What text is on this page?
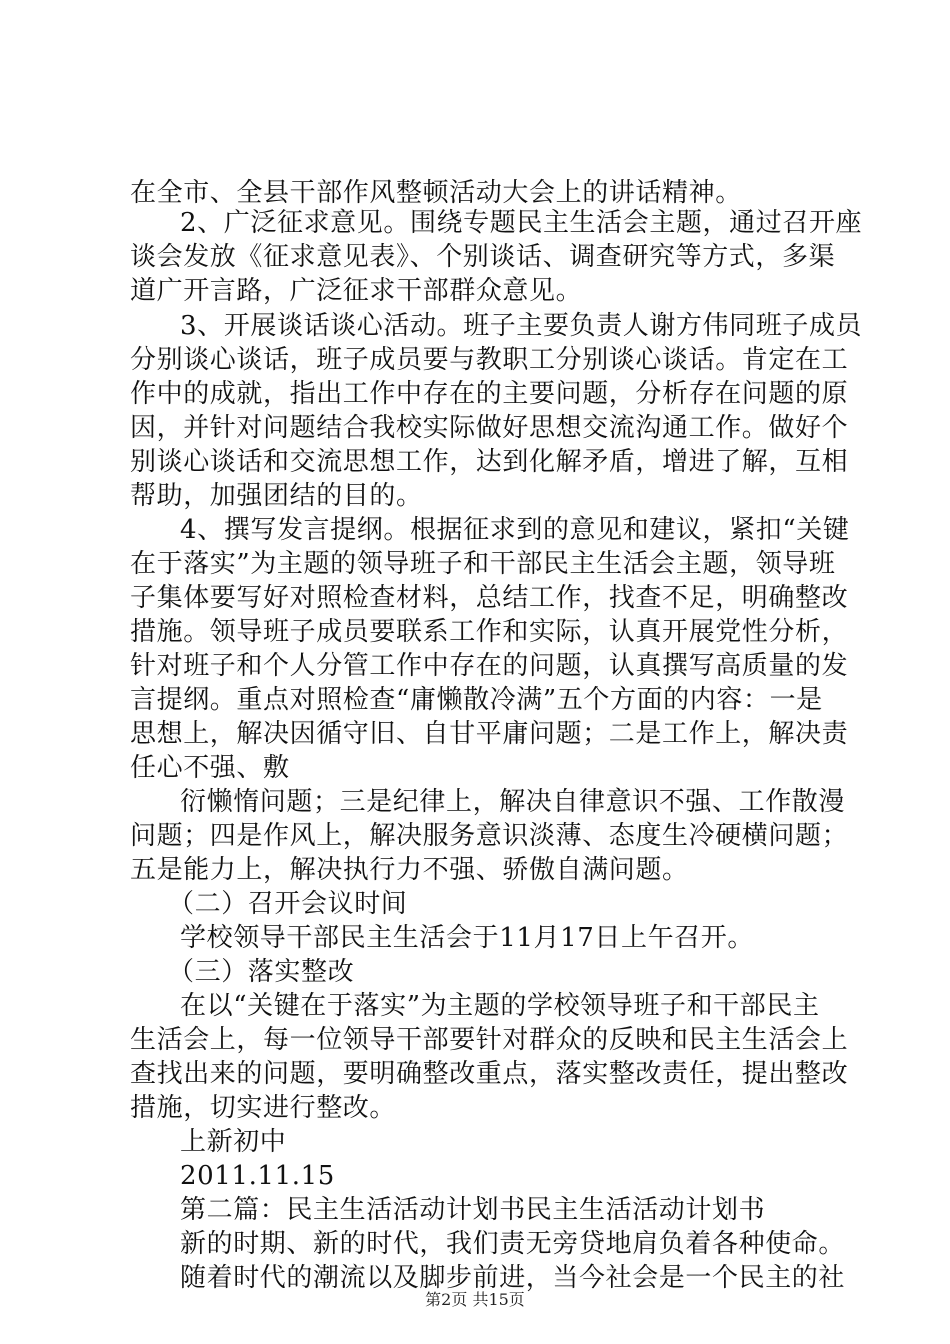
在全市、全县干部作风整顿活动大会上的讲话精神。
2、广泛征求意见。围绕专题民主生活会主题，通过召开座
谈会发放《征求意见表》、个别谈话、调查研究等方式，多渠
道广开言路，广泛征求干部群众意见。
3、开展谈话谈心活动。班子主要负责人谢方伟同班子成员
分别谈心谈话，班子成员要与教职工分别谈心谈话。肯定在工
作中的成就，指出工作中存在的主要问题，分析存在问题的原
因，并针对问题结合我校实际做好思想交流沟通工作。做好个
别谈心谈话和交流思想工作，达到化解矛盾，增进了解，互相
帮助，加强团结的目的。
4、撰写发言提纲。根据征求到的意见和建议，紧扣“关键
在于落实”为主题的领导班子和干部民主生活会主题，领导班
子集体要写好对照检查材料，总结工作，找查不足，明确整改
措施。领导班子成员要联系工作和实际，认真开展党性分析，
针对班子和个人分管工作中存在的问题，认真撰写高质量的发
言提纲。重点对照检查“庸懒散冷满”五个方面的内容：一是
思想上，解决因循守旧、自甘平庸问题；二是工作上，解决责
任心不强、敷
衍懒惰问题；三是纪律上，解决自律意识不强、工作散漫
问题；四是作风上，解决服务意识淡薄、态度生冷硬横问题；
五是能力上，解决执行力不强、骄傲自满问题。
（二）召开会议时间
学校领导干部民主生活会于11月17日上午召开。
（三）落实整改
在以“关键在于落实”为主题的学校领导班子和干部民主
生活会上，每一位领导干部要针对群众的反映和民主生活会上
查找出来的问题，要明确整改重点，落实整改责任，提出整改
措施，切实进行整改。
上新初中
2011.11.15
第二篇：民主生活活动计划书民主生活活动计划书
新的时期、新的时代，我们责无旁贷地肩负着各种使命。
随着时代的潮流以及脚步前进，当今社会是一个民主的社
第2页 共15页
